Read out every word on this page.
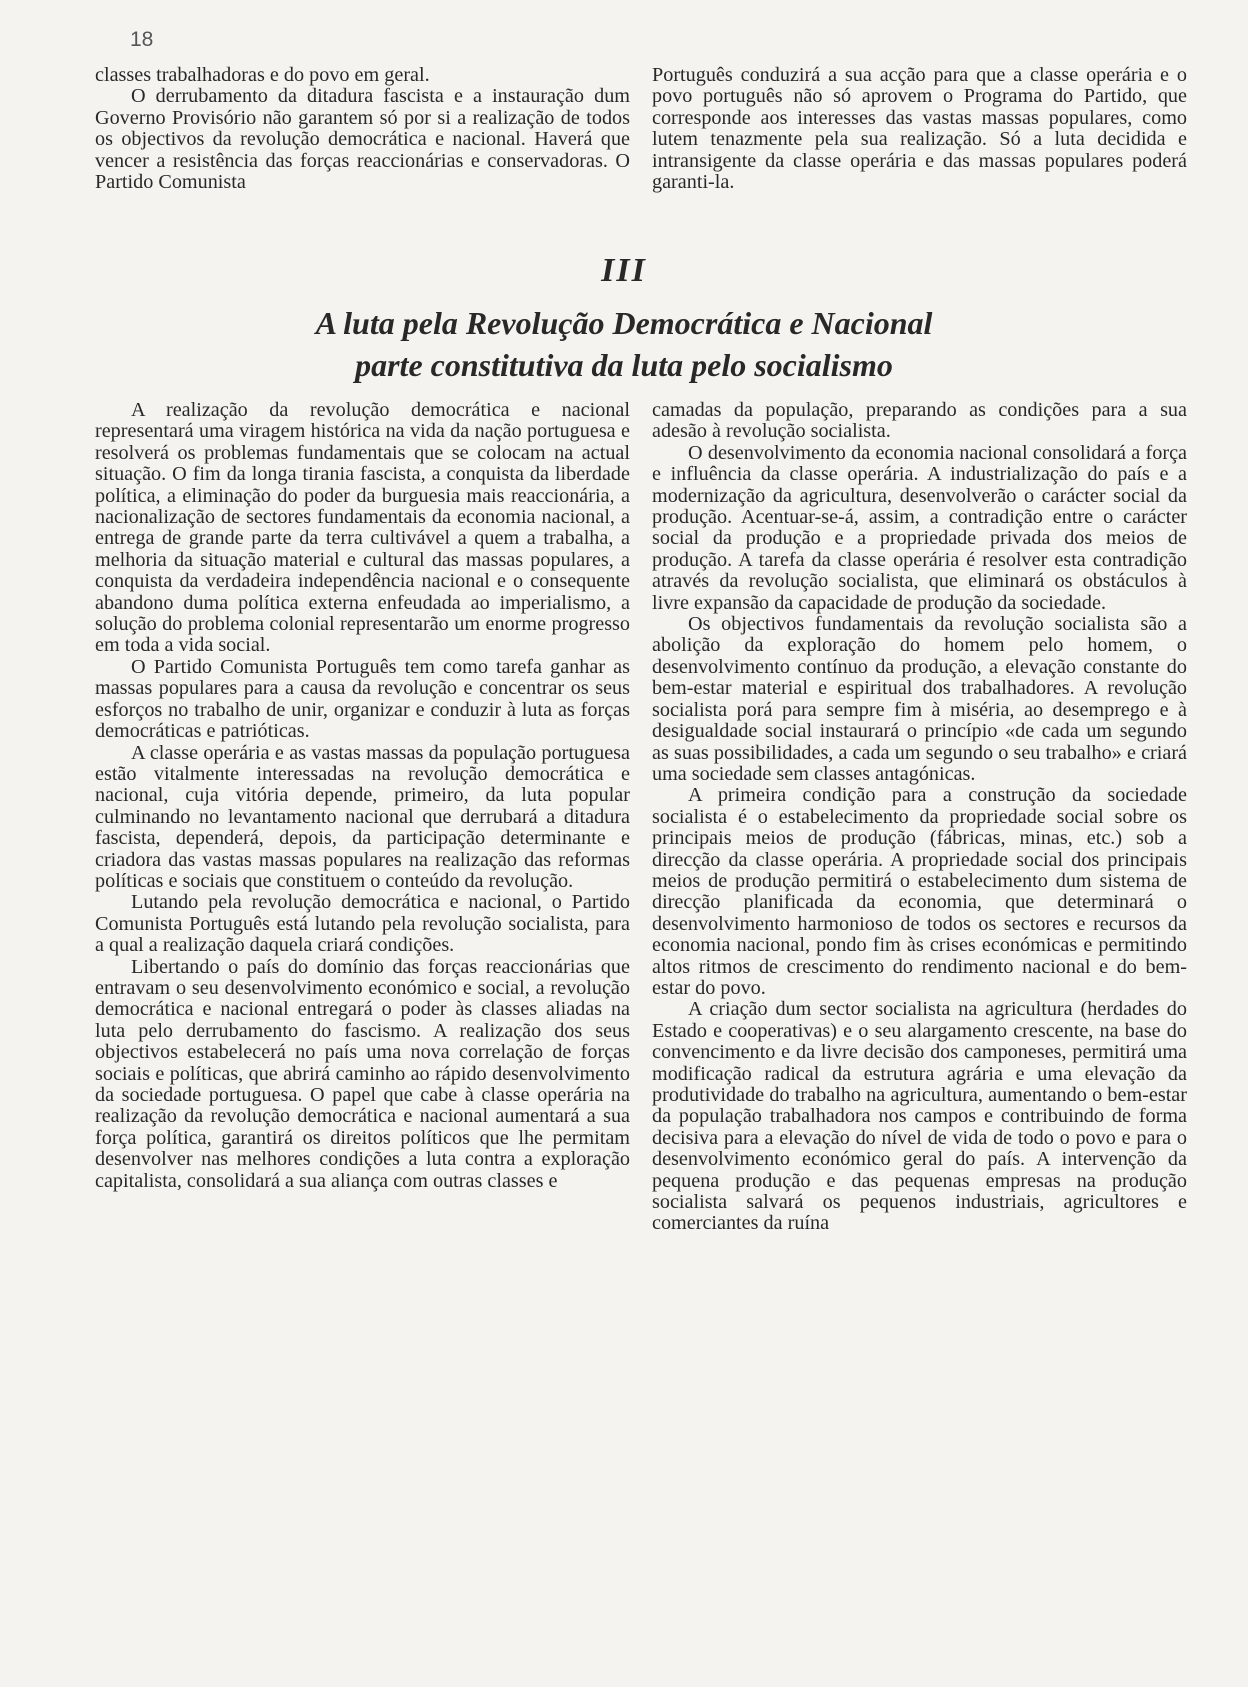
18

classes trabalhadoras e do povo em geral.

O derrubamento da ditadura fascista e a instauração dum Governo Provisório não garantem só por si a realização de todos os objectivos da revolução democrática e nacional. Haverá que vencer a resistência das forças reaccionárias e conservadoras. O Partido Comunista

Português conduzirá a sua acção para que a classe operária e o povo português não só aprovem o Programa do Partido, que corresponde aos interesses das vastas massas populares, como lutem tenazmente pela sua realização. Só a luta decidida e intransigente da classe operária e das massas populares poderá garanti-la.

III
A luta pela Revolução Democrática e Nacional
parte constitutiva da luta pelo socialismo

A realização da revolução democrática e nacional representará uma viragem histórica na vida da nação portuguesa e resolverá os problemas fundamentais que se colocam na actual situação. O fim da longa tirania fascista, a conquista da liberdade política, a eliminação do poder da burguesia mais reaccionária, a nacionalização de sectores fundamentais da economia nacional, a entrega de grande parte da terra cultivável a quem a trabalha, a melhoria da situação material e cultural das massas populares, a conquista da verdadeira independência nacional e o consequente abandono duma política externa enfeudada ao imperialismo, a solução do problema colonial representarão um enorme progresso em toda a vida social.

O Partido Comunista Português tem como tarefa ganhar as massas populares para a causa da revolução e concentrar os seus esforços no trabalho de unir, organizar e conduzir à luta as forças democráticas e patrióticas.

A classe operária e as vastas massas da população portuguesa estão vitalmente interessadas na revolução democrática e nacional, cuja vitória depende, primeiro, da luta popular culminando no levantamento nacional que derrubará a ditadura fascista, dependerá, depois, da participação determinante e criadora das vastas massas populares na realização das reformas políticas e sociais que constituem o conteúdo da revolução.

Lutando pela revolução democrática e nacional, o Partido Comunista Português está lutando pela revolução socialista, para a qual a realização daquela criará condições.

Libertando o país do domínio das forças reaccionárias que entravam o seu desenvolvimento económico e social, a revolução democrática e nacional entregará o poder às classes aliadas na luta pelo derrubamento do fascismo. A realização dos seus objectivos estabelecerá no país uma nova correlação de forças sociais e políticas, que abrirá caminho ao rápido desenvolvimento da sociedade portuguesa. O papel que cabe à classe operária na realização da revolução democrática e nacional aumentará a sua força política, garantirá os direitos políticos que lhe permitam desenvolver nas melhores condições a luta contra a exploração capitalista, consolidará a sua aliança com outras classes e

camadas da população, preparando as condições para a sua adesão à revolução socialista.

O desenvolvimento da economia nacional consolidará a força e influência da classe operária. A industrialização do país e a modernização da agricultura, desenvolverão o carácter social da produção. Acentuar-se-á, assim, a contradição entre o carácter social da produção e a propriedade privada dos meios de produção. A tarefa da classe operária é resolver esta contradição através da revolução socialista, que eliminará os obstáculos à livre expansão da capacidade de produção da sociedade.

Os objectivos fundamentais da revolução socialista são a abolição da exploração do homem pelo homem, o desenvolvimento contínuo da produção, a elevação constante do bem-estar material e espiritual dos trabalhadores. A revolução socialista porá para sempre fim à miséria, ao desemprego e à desigualdade social instaurará o princípio «de cada um segundo as suas possibilidades, a cada um segundo o seu trabalho» e criará uma sociedade sem classes antagónicas.

A primeira condição para a construção da sociedade socialista é o estabelecimento da propriedade social sobre os principais meios de produção (fábricas, minas, etc.) sob a direcção da classe operária. A propriedade social dos principais meios de produção permitirá o estabelecimento dum sistema de direcção planificada da economia, que determinará o desenvolvimento harmonioso de todos os sectores e recursos da economia nacional, pondo fim às crises económicas e permitindo altos ritmos de crescimento do rendimento nacional e do bem-estar do povo.

A criação dum sector socialista na agricultura (herdades do Estado e cooperativas) e o seu alargamento crescente, na base do convencimento e da livre decisão dos camponeses, permitirá uma modificação radical da estrutura agrária e uma elevação da produtividade do trabalho na agricultura, aumentando o bem-estar da população trabalhadora nos campos e contribuindo de forma decisiva para a elevação do nível de vida de todo o povo e para o desenvolvimento económico geral do país. A intervenção da pequena produção e das pequenas empresas na produção socialista salvará os pequenos industriais, agricultores e comerciantes da ruína
